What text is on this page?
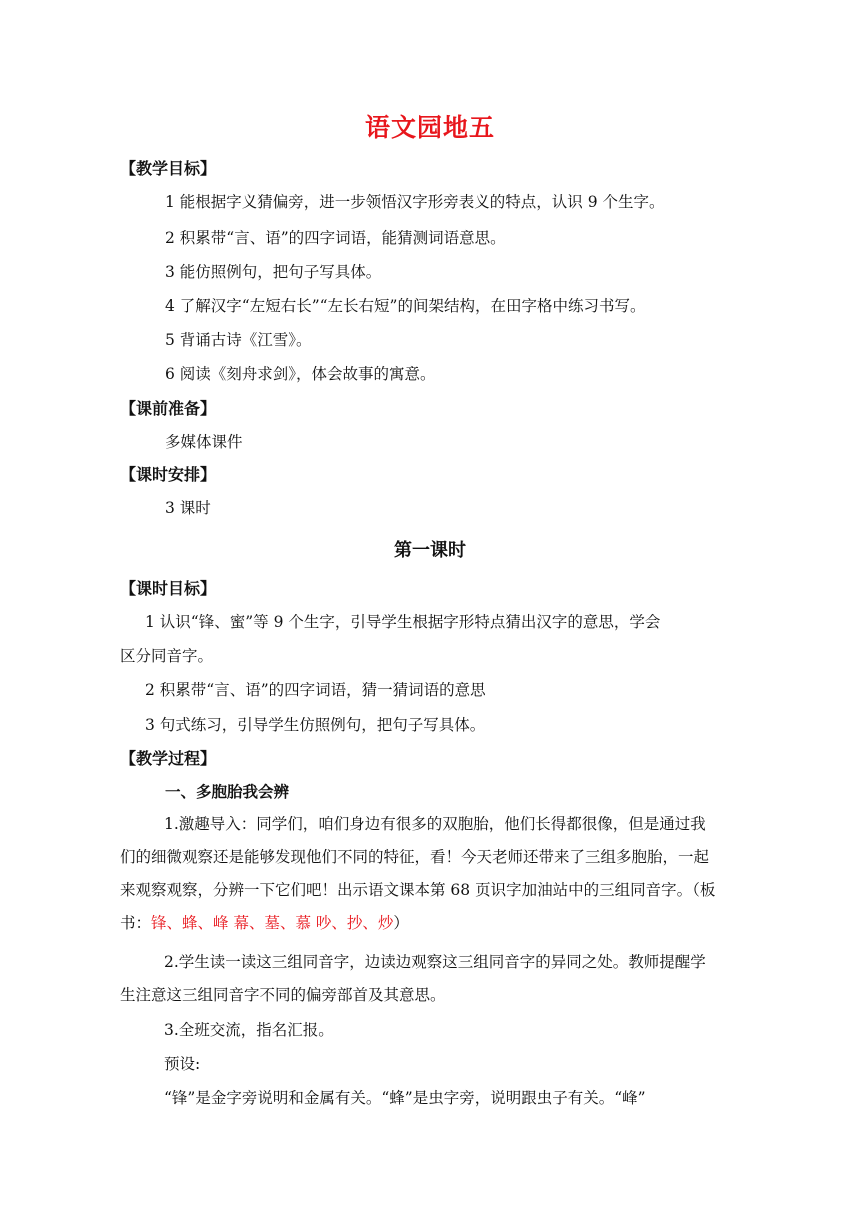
语文园地五
【教学目标】
1 能根据字义猜偏旁，进一步领悟汉字形旁表义的特点，认识 9 个生字。
2 积累带“言、语”的四字词语，能猜测词语意思。
3 能仿照例句，把句子写具体。
4 了解汉字“左短右长”“左长右短”的间架结构，在田字格中练习书写。
5 背诵古诗《江雪》。
6 阅读《刻舟求剑》，体会故事的寓意。
【课前准备】
多媒体课件
【课时安排】
3 课时
第一课时
【课时目标】
1 认识“锋、蜜”等 9 个生字，引导学生根据字形特点猜出汉字的意思，学会
区分同音字。
2 积累带“言、语”的四字词语，猜一猜词语的意思
3 句式练习，引导学生仿照例句，把句子写具体。
【教学过程】
一、多胞胎我会辨
1.激趣导入：同学们，咱们身边有很多的双胞胎，他们长得都很像，但是通过我们的细微观察还是能够发现他们不同的特征，看！今天老师还带来了三组多胞胎，一起来观察观察，分辨一下它们吧！出示语文课本第 68 页识字加油站中的三组同音字。（板书：锋、蜂、峰 幕、墓、慕 吵、抄、炒）
2.学生读一读这三组同音字，边读边观察这三组同音字的异同之处。教师提醒学生注意这三组同音字不同的偏旁部首及其意思。
3.全班交流，指名汇报。
预设:
“锋”是金字旁说明和金属有关。“蜂”是虫字旁，说明跟虫子有关。“峰”
